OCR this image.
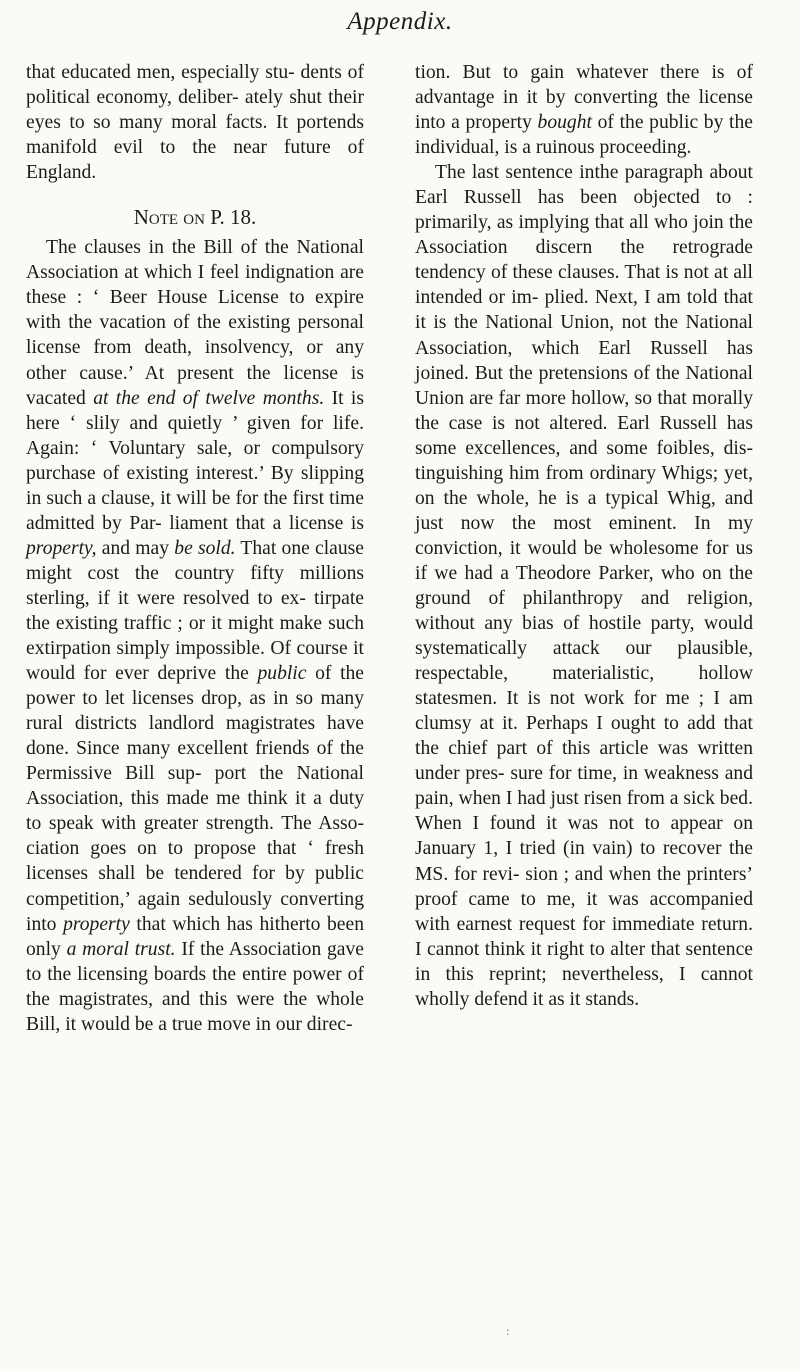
Appendix.

that educated men, especially stu- dents of political economy, deliber- ately shut their eyes to so many moral facts. It portends manifold evil to the near future of England.

Note on P. 18.

The clauses in the Bill of the National Association at which I feel indignation are these : ‘ Beer House License to expire with the vacation of the existing personal license from death, insolvency, or any other cause.’ At present the license is vacated at the end of twelve months. It is here ‘ slily and quietly ’ given for life. Again: ‘ Voluntary sale, or compulsory purchase of existing interest.’ By slipping in such a clause, it will be for the first time admitted by Par- liament that a license is property, and may be sold. That one clause might cost the country fifty millions sterling, if it were resolved to ex- tirpate the existing traffic ; or it might make such extirpation simply impossible. Of course it would for ever deprive the public of the power to let licenses drop, as in so many rural districts landlord magistrates have done. Since many excellent friends of the Permissive Bill sup- port the National Association, this made me think it a duty to speak with greater strength. The Asso- ciation goes on to propose that ‘ fresh licenses shall be tendered for by public competition,’ again sedulously converting into property that which has hitherto been only a moral trust. If the Association gave to the licensing boards the entire power of the magistrates, and this were the whole Bill, it would be a true move in our direc-

tion. But to gain whatever there is of advantage in it by converting the license into a property bought of the public by the individual, is a ruinous proceeding.

The last sentence inthe paragraph about Earl Russell has been objected to : primarily, as implying that all who join the Association discern the retrograde tendency of these clauses. That is not at all intended or im- plied. Next, I am told that it is the National Union, not the National Association, which Earl Russell has joined. But the pretensions of the National Union are far more hollow, so that morally the case is not altered. Earl Russell has some excellences, and some foibles, dis- tinguishing him from ordinary Whigs; yet, on the whole, he is a typical Whig, and just now the most eminent. In my conviction, it would be wholesome for us if we had a Theodore Parker, who on the ground of philanthropy and religion, without any bias of hostile party, would systematically attack our plausible, respectable, materialistic, hollow statesmen. It is not work for me ; I am clumsy at it. Perhaps I ought to add that the chief part of this article was written under pres- sure for time, in weakness and pain, when I had just risen from a sick bed. When I found it was not to appear on January 1, I tried (in vain) to recover the MS. for revi- sion ; and when the printers’ proof came to me, it was accompanied with earnest request for immediate return. I cannot think it right to alter that sentence in this reprint; nevertheless, I cannot wholly defend it as it stands.

:
